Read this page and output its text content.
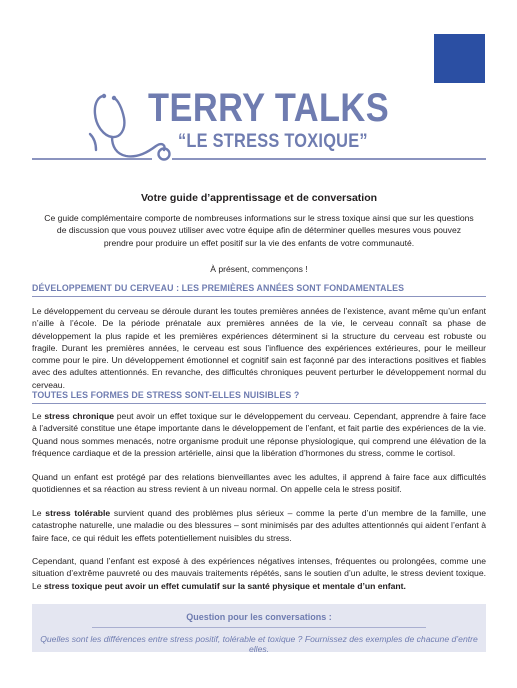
TERRY TALKS
“LE STRESS TOXIQUE”
Votre guide d’apprentissage et de conversation
Ce guide complémentaire comporte de nombreuses informations sur le stress toxique ainsi que sur les questions de discussion que vous pouvez utiliser avec votre équipe afin de déterminer quelles mesures vous pouvez prendre pour produire un effet positif sur la vie des enfants de votre communauté.
À présent, commençons !
DÉVELOPPEMENT DU CERVEAU : LES PREMIÈRES ANNÉES SONT FONDAMENTALES

Le développement du cerveau se déroule durant les toutes premières années de l’existence, avant même qu’un enfant n’aille à l’école. De la période prénatale aux premières années de la vie, le cerveau connaît sa phase de développement la plus rapide et les premières expériences déterminent si la structure du cerveau est robuste ou fragile. Durant les premières années, le cerveau est sous l’influence des expériences extérieures, pour le meilleur comme pour le pire. Un développement émotionnel et cognitif sain est façonné par des interactions positives et fiables avec des adultes attentionnés. En revanche, des difficultés chroniques peuvent perturber le développement normal du cerveau.

TOUTES LES FORMES DE STRESS SONT-ELLES NUISIBLES ?

Le stress chronique peut avoir un effet toxique sur le développement du cerveau. Cependant, apprendre à faire face à l’adversité constitue une étape importante dans le développement de l’enfant, et fait partie des expériences de la vie. Quand nous sommes menacés, notre organisme produit une réponse physiologique, qui comprend une élévation de la fréquence cardiaque et de la pression artérielle, ainsi que la libération d’hormones du stress, comme le cortisol.

Quand un enfant est protégé par des relations bienveillantes avec les adultes, il apprend à faire face aux difficultés quotidiennes et sa réaction au stress revient à un niveau normal. On appelle cela le stress positif.

Le stress tolérable survient quand des problèmes plus sérieux – comme la perte d’un membre de la famille, une catastrophe naturelle, une maladie ou des blessures – sont minimisés par des adultes attentionnés qui aident l’enfant à faire face, ce qui réduit les effets potentiellement nuisibles du stress.

Cependant, quand l’enfant est exposé à des expériences négatives intenses, fréquentes ou prolongées, comme une situation d’extrême pauvreté ou des mauvais traitements répétés, sans le soutien d’un adulte, le stress devient toxique. Le stress toxique peut avoir un effet cumulatif sur la santé physique et mentale d’un enfant.

Question pour les conversations :
Quelles sont les différences entre stress positif, tolérable et toxique ? Fournissez des exemples de chacune d’entre elles.
